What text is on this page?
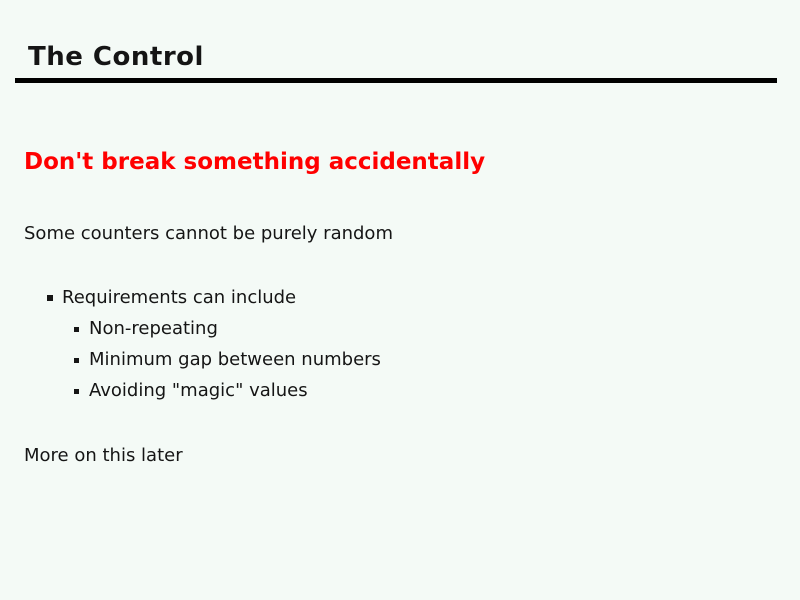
The Control
Don't break something accidentally
Some counters cannot be purely random
Requirements can include
Non-repeating
Minimum gap between numbers
Avoiding "magic" values
More on this later
